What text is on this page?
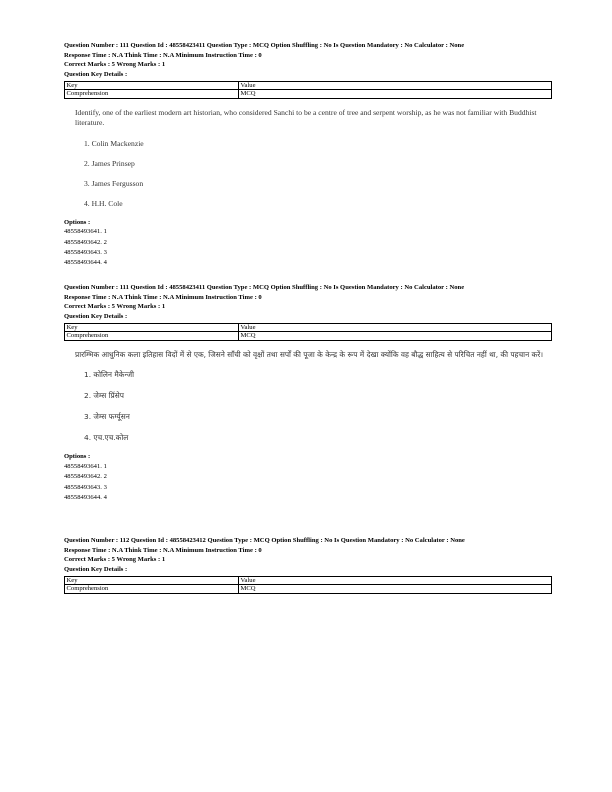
Question Number : 111 Question Id : 48558423411 Question Type : MCQ Option Shuffling : No Is Question Mandatory : No Calculator : None
Response Time : N.A Think Time : N.A Minimum Instruction Time : 0
Correct Marks : 5 Wrong Marks : 1
Question Key Details :
Key	Value
Comprehension	MCQ
Identify, one of the earliest modern art historian, who considered Sanchi to be a centre of tree and serpent worship, as he was not familiar with Buddhist literature.
1. Colin Mackenzie
2. James Prinsep
3. James Fergusson
4. H.H. Cole
Options :
48558493641. 1
48558493642. 2
48558493643. 3
48558493644. 4
Question Number : 111 Question Id : 48558423411 Question Type : MCQ Option Shuffling : No Is Question Mandatory : No Calculator : None
Response Time : N.A Think Time : N.A Minimum Instruction Time : 0
Correct Marks : 5 Wrong Marks : 1
Question Key Details :
Key	Value
Comprehension	MCQ
प्रारम्भिक आधुनिक कला इतिहास विदों में से एक, जिसने साँची को वृक्षों तथा सर्पों की पूजा के केन्द्र के रूप में देखा क्योंकि वह बौद्ध साहित्य से परिचित नहीं था, की पहचान करें।
1. कोलिन मैकेन्जी
2. जेम्स प्रिंसेप
3. जेम्स फर्ग्यूसन
4. एच.एच.कोल
Options :
48558493641. 1
48558493642. 2
48558493643. 3
48558493644. 4
Question Number : 112 Question Id : 48558423412 Question Type : MCQ Option Shuffling : No Is Question Mandatory : No Calculator : None
Response Time : N.A Think Time : N.A Minimum Instruction Time : 0
Correct Marks : 5 Wrong Marks : 1
Question Key Details :
Key	Value
Comprehension	MCQ
